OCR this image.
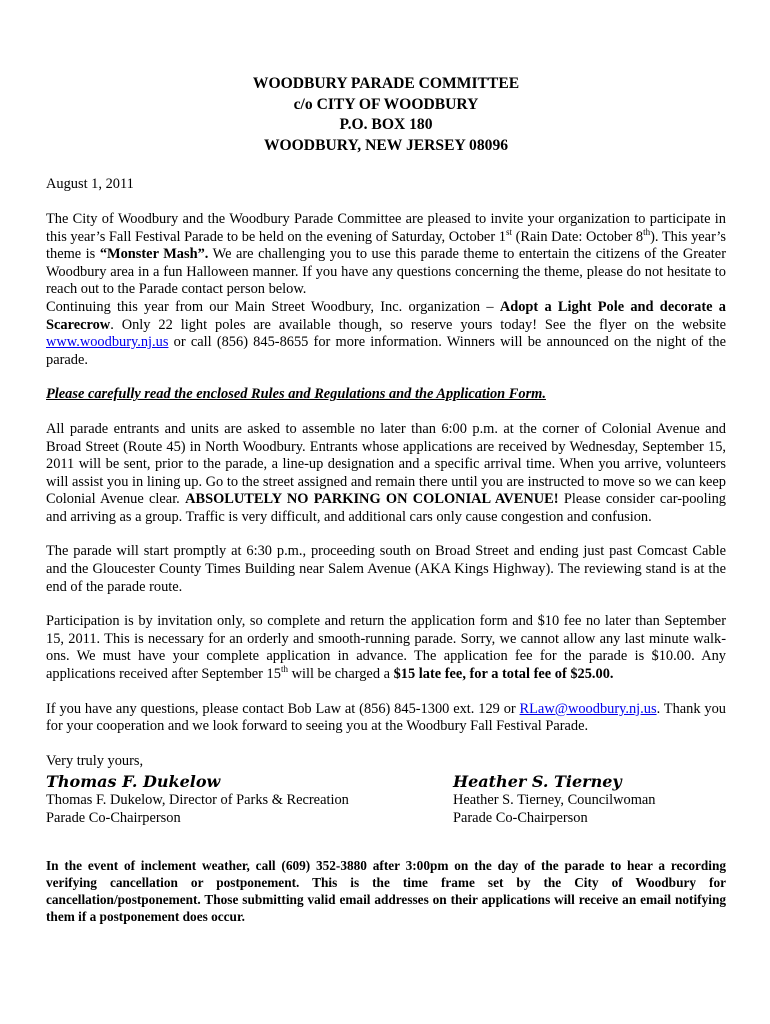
WOODBURY PARADE COMMITTEE
c/o CITY OF WOODBURY
P.O. BOX 180
WOODBURY, NEW JERSEY 08096
August 1, 2011

The City of Woodbury and the Woodbury Parade Committee are pleased to invite your organization to participate in this year’s Fall Festival Parade to be held on the evening of Saturday, October 1st (Rain Date: October 8th). This year’s theme is “Monster Mash”. We are challenging you to use this parade theme to entertain the citizens of the Greater Woodbury area in a fun Halloween manner. If you have any questions concerning the theme, please do not hesitate to reach out to the Parade contact person below.

Continuing this year from our Main Street Woodbury, Inc. organization – Adopt a Light Pole and decorate a Scarecrow. Only 22 light poles are available though, so reserve yours today! See the flyer on the website www.woodbury.nj.us or call (856) 845-8655 for more information. Winners will be announced on the night of the parade.

Please carefully read the enclosed Rules and Regulations and the Application Form.

All parade entrants and units are asked to assemble no later than 6:00 p.m. at the corner of Colonial Avenue and Broad Street (Route 45) in North Woodbury. Entrants whose applications are received by Wednesday, September 15, 2011 will be sent, prior to the parade, a line-up designation and a specific arrival time. When you arrive, volunteers will assist you in lining up. Go to the street assigned and remain there until you are instructed to move so we can keep Colonial Avenue clear. ABSOLUTELY NO PARKING ON COLONIAL AVENUE! Please consider car-pooling and arriving as a group. Traffic is very difficult, and additional cars only cause congestion and confusion.

The parade will start promptly at 6:30 p.m., proceeding south on Broad Street and ending just past Comcast Cable and the Gloucester County Times Building near Salem Avenue (AKA Kings Highway). The reviewing stand is at the end of the parade route.

Participation is by invitation only, so complete and return the application form and $10 fee no later than September 15, 2011. This is necessary for an orderly and smooth-running parade. Sorry, we cannot allow any last minute walk-ons. We must have your complete application in advance. The application fee for the parade is $10.00. Any applications received after September 15th will be charged a $15 late fee, for a total fee of $25.00.

If you have any questions, please contact Bob Law at (856) 845-1300 ext. 129 or RLaw@woodbury.nj.us. Thank you for your cooperation and we look forward to seeing you at the Woodbury Fall Festival Parade.

Very truly yours,
Thomas F. Dukelow
Thomas F. Dukelow, Director of Parks & Recreation
Parade Co-Chairperson
Heather S. Tierney
Heather S. Tierney, Councilwoman
Parade Co-Chairperson
In the event of inclement weather, call (609) 352-3880 after 3:00pm on the day of the parade to hear a recording verifying cancellation or postponement. This is the time frame set by the City of Woodbury for cancellation/postponement. Those submitting valid email addresses on their applications will receive an email notifying them if a postponement does occur.
